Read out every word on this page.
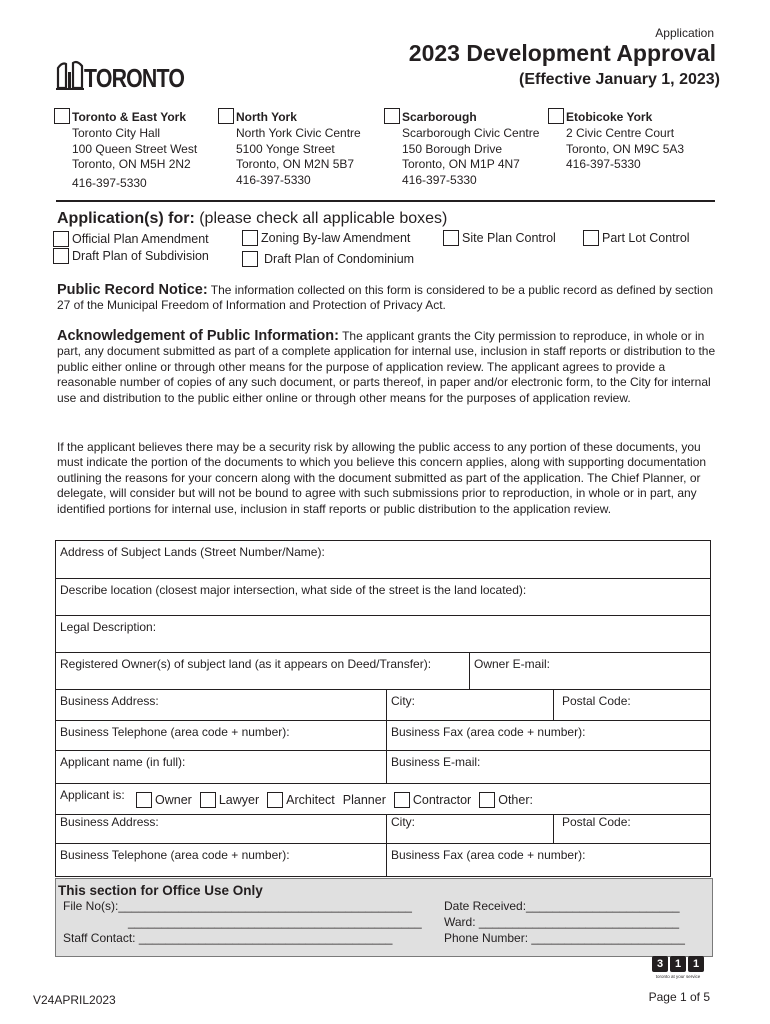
Application
2023 Development Approval
(Effective January 1, 2023)
TORONTO
Toronto & East York
Toronto City Hall
100 Queen Street West
Toronto, ON M5H 2N2
416-397-5330
North York
North York Civic Centre
5100 Yonge Street
Toronto, ON M2N 5B7
416-397-5330
Scarborough
Scarborough Civic Centre
150 Borough Drive
Toronto, ON M1P 4N7
416-397-5330
Etobicoke York
2 Civic Centre Court
Toronto, ON M9C 5A3
416-397-5330
Application(s) for: (please check all applicable boxes)
Official Plan Amendment	Zoning By-law Amendment	Site Plan Control	Part Lot Control
Draft Plan of Subdivision	Draft Plan of Condominium
Public Record Notice: The information collected on this form is considered to be a public record as defined by section 27 of the Municipal Freedom of Information and Protection of Privacy Act.
Acknowledgement of Public Information: The applicant grants the City permission to reproduce, in whole or in part, any document submitted as part of a complete application for internal use, inclusion in staff reports or distribution to the public either online or through other means for the purpose of application review. The applicant agrees to provide a reasonable number of copies of any such document, or parts thereof, in paper and/or electronic form, to the City for internal use and distribution to the public either online or through other means for the purposes of application review.
If the applicant believes there may be a security risk by allowing the public access to any portion of these documents, you must indicate the portion of the documents to which you believe this concern applies, along with supporting documentation outlining the reasons for your concern along with the document submitted as part of the application. The Chief Planner, or delegate, will consider but will not be bound to agree with such submissions prior to reproduction, in whole or in part, any identified portions for internal use, inclusion in staff reports or public distribution to the application review.
Address of Subject Lands (Street Number/Name):
Describe location (closest major intersection, what side of the street is the land located):
Legal Description:
Registered Owner(s) of subject land (as it appears on Deed/Transfer):	Owner E-mail:
Business Address:	City:	Postal Code:
Business Telephone (area code + number):	Business Fax (area code + number):
Applicant name (in full):	Business E-mail:
Applicant is:	Owner Lawyer Architect Planner Contractor Other:
Business Address:	City:	Postal Code:
Business Telephone (area code + number):	Business Fax (area code + number):
This section for Office Use Only
File No(s):____________________________________________
____________________________________________
Staff Contact: ______________________________________
Date Received:_______________________
Ward: ______________________________
Phone Number: _______________________
3	1	1
toronto at your service
V24APRIL2023	Page 1 of 5
